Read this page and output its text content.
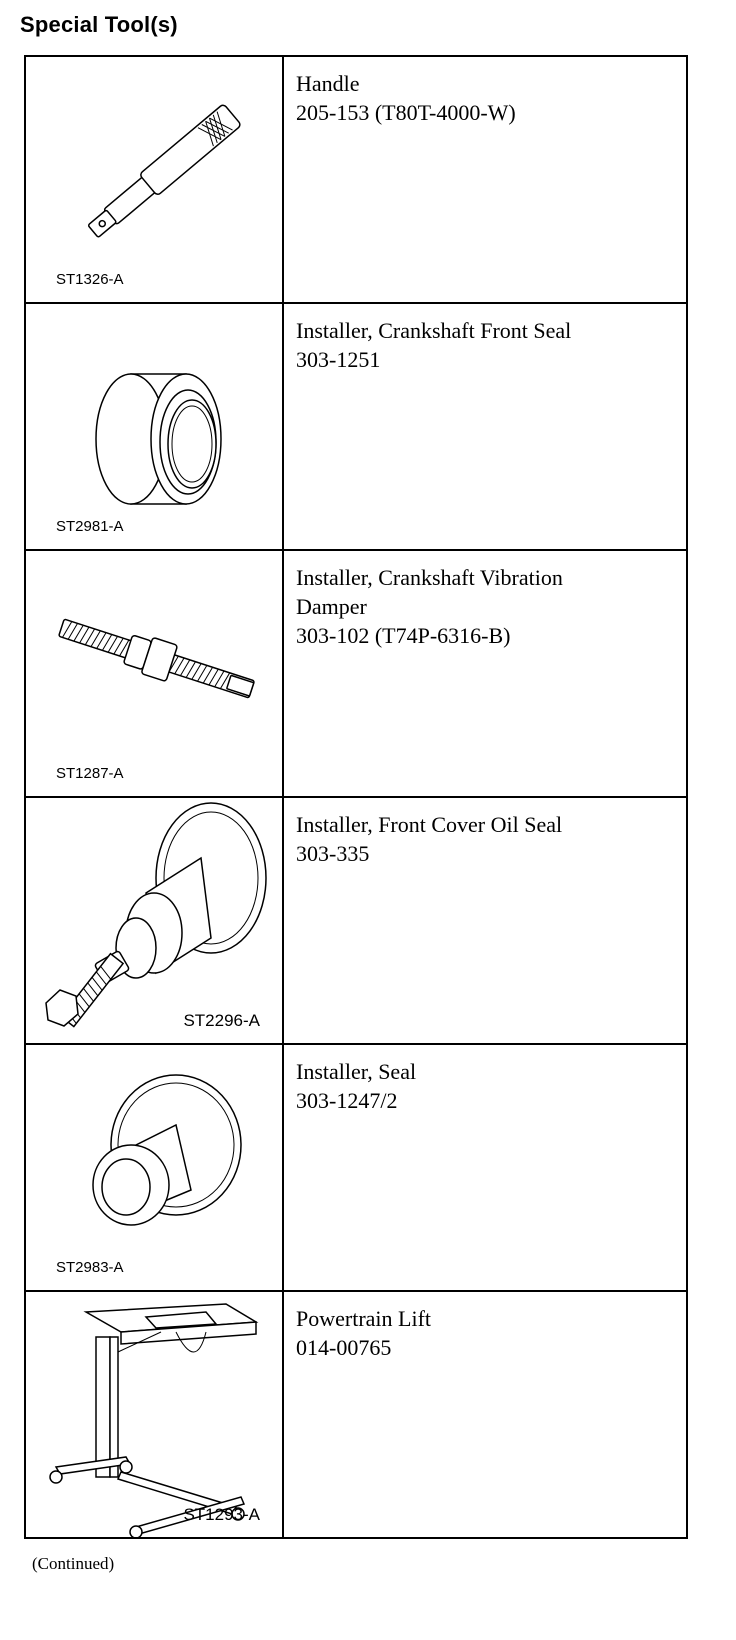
Special Tool(s)
ST1326-A	Handle
205-153 (T80T-4000-W)

ST2981-A	Installer, Crankshaft Front Seal
303-1251

ST1287-A	Installer, Crankshaft Vibration
Damper
303-102 (T74P-6316-B)

ST2296-A	Installer, Front Cover Oil Seal
303-335

ST2983-A	Installer, Seal
303-1247/2

ST1293-A	Powertrain Lift
014-00765

(Continued)
